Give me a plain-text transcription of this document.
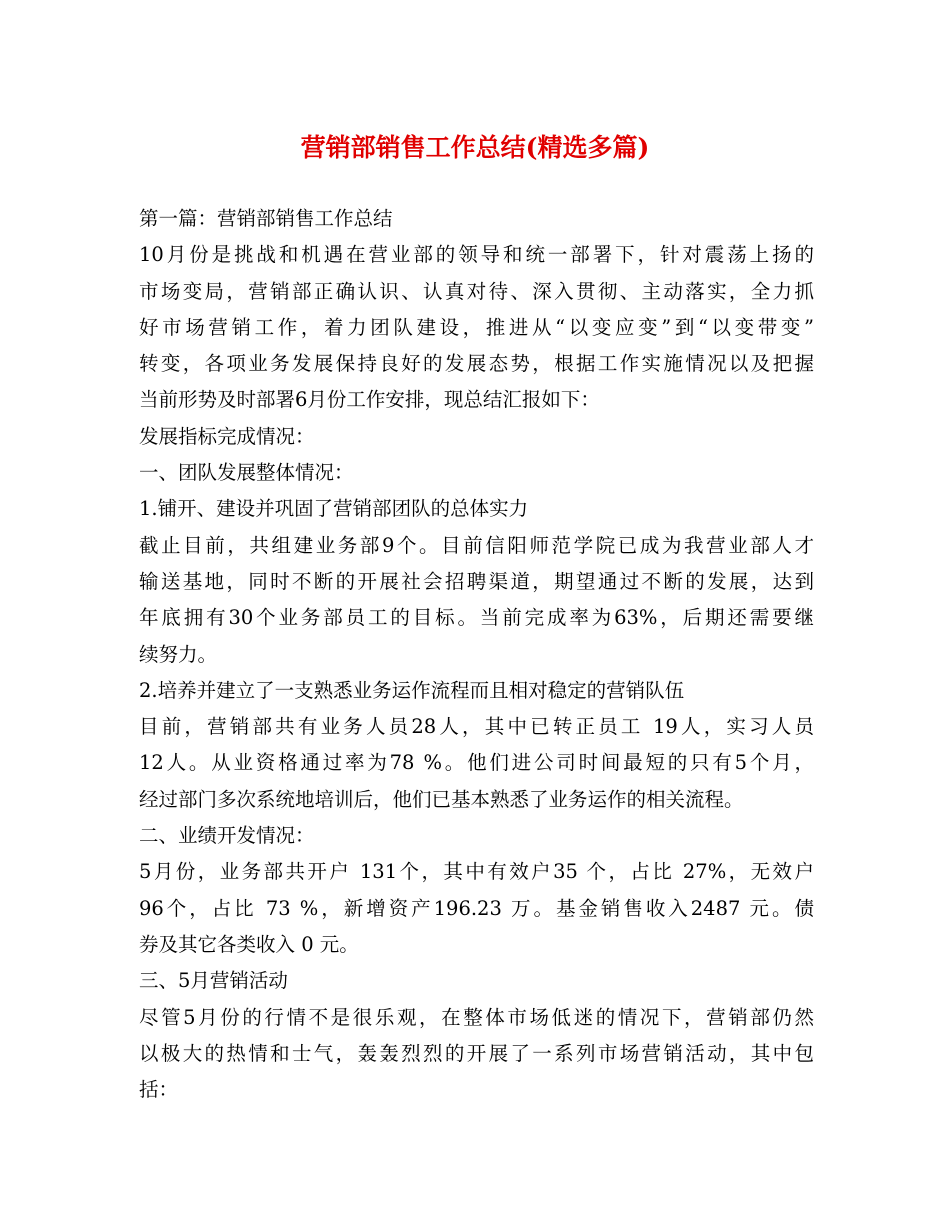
营销部销售工作总结(精选多篇)
第一篇：营销部销售工作总结
10月份是挑战和机遇在营业部的领导和统一部署下，针对震荡上扬的
市场变局，营销部正确认识、认真对待、深入贯彻、主动落实，全力抓
好市场营销工作，着力团队建设，推进从“以变应变”到“以变带变”
转变，各项业务发展保持良好的发展态势，根据工作实施情况以及把握
当前形势及时部署6月份工作安排，现总结汇报如下：
发展指标完成情况：
一、团队发展整体情况：
1.铺开、建设并巩固了营销部团队的总体实力
截止目前，共组建业务部9个。目前信阳师范学院已成为我营业部人才
输送基地，同时不断的开展社会招聘渠道，期望通过不断的发展，达到
年底拥有30个业务部员工的目标。当前完成率为63%，后期还需要继
续努力。
2.培养并建立了一支熟悉业务运作流程而且相对稳定的营销队伍
目前，营销部共有业务人员28人，其中已转正员工 19人，实习人员
12人。从业资格通过率为78 %。他们进公司时间最短的只有5个月，
经过部门多次系统地培训后，他们已基本熟悉了业务运作的相关流程。
二、业绩开发情况：
5月份，业务部共开户 131个，其中有效户35 个，占比 27%，无效户
96个，占比 73 %，新增资产196.23 万。基金销售收入2487 元。债
券及其它各类收入 0 元。
三、5月营销活动
尽管5月份的行情不是很乐观，在整体市场低迷的情况下，营销部仍然
以极大的热情和士气，轰轰烈烈的开展了一系列市场营销活动，其中包
括：
